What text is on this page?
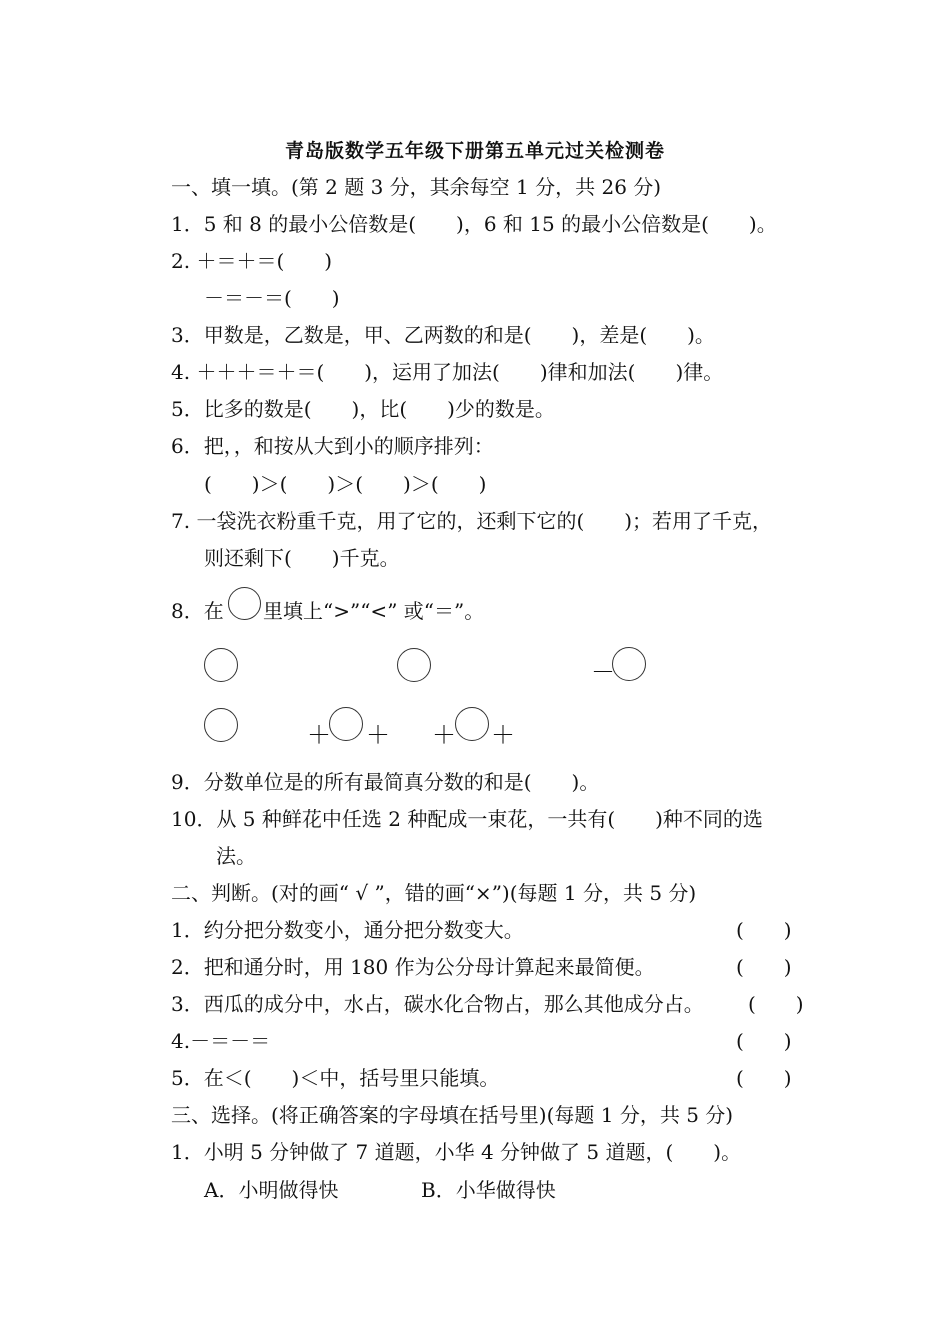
青岛版数学五年级下册第五单元过关检测卷
一、填一填。(第 2 题 3 分，其余每空 1 分，共 26 分)
1．5 和 8 的最小公倍数是(　　)，6 和 15 的最小公倍数是(　　)。
2. ＋＝＋＝(　　)
－＝－＝(　　)
3．甲数是，乙数是，甲、乙两数的和是(　　)，差是(　　)。
4. ＋＋＋＝＋＝(　　)，运用了加法(　　)律和加法(　　)律。
5．比多的数是(　　)，比(　　)少的数是。
6．把，，和按从大到小的顺序排列：
(　　)＞(　　)＞(　　)＞(　　)
7. 一袋洗衣粉重千克，用了它的，还剩下它的(　　)；若用了千克，
则还剩下(　　)千克。
8．在 里填上“>”“<” 或“＝”。
－
＋ ＋ ＋ ＋
9．分数单位是的所有最简真分数的和是(　　)。
10．从 5 种鲜花中任选 2 种配成一束花，一共有(　　)种不同的选
法。
二、判断。(对的画“ √ ”，错的画“×”)(每题 1 分，共 5 分)
1．约分把分数变小，通分把分数变大。	(　　)
2．把和通分时，用 180 作为公分母计算起来最简便。	(　　)
3．西瓜的成分中，水占，碳水化合物占，那么其他成分占。 (　　)
4.－＝－＝	(　　)
5．在＜(　　)＜中，括号里只能填。	(　　)
三、选择。(将正确答案的字母填在括号里)(每题 1 分，共 5 分)
1．小明 5 分钟做了 7 道题，小华 4 分钟做了 5 道题，(　　)。
A．小明做得快	B．小华做得快
